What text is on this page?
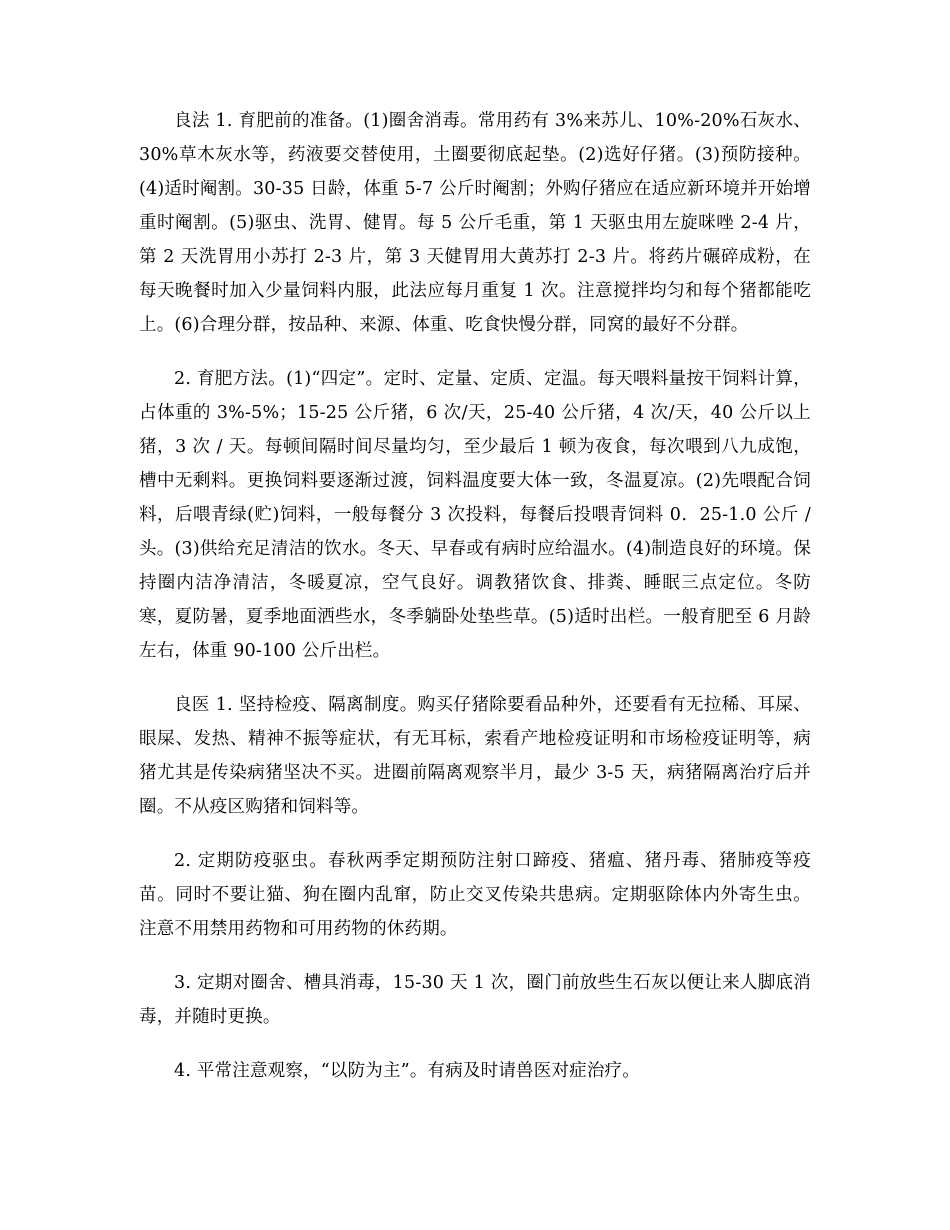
良法 1. 育肥前的准备。(1)圈舍消毒。常用药有 3%来苏儿、10%-20%石灰水、30%草木灰水等，药液要交替使用，土圈要彻底起垫。(2)选好仔猪。(3)预防接种。(4)适时阉割。30-35 日龄，体重 5-7 公斤时阉割；外购仔猪应在适应新环境并开始增重时阉割。(5)驱虫、洗胃、健胃。每 5 公斤毛重，第 1 天驱虫用左旋咪唑 2-4 片，第 2 天洗胃用小苏打 2-3 片，第 3 天健胃用大黄苏打 2-3 片。将药片碾碎成粉，在每天晚餐时加入少量饲料内服，此法应每月重复 1 次。注意搅拌均匀和每个猪都能吃上。(6)合理分群，按品种、来源、体重、吃食快慢分群，同窝的最好不分群。

2. 育肥方法。(1)“四定”。定时、定量、定质、定温。每天喂料量按干饲料计算，占体重的 3%-5%；15-25 公斤猪，6 次/天，25-40 公斤猪，4 次/天，40 公斤以上猪，3 次 / 天。每顿间隔时间尽量均匀，至少最后 1 顿为夜食，每次喂到八九成饱，槽中无剩料。更换饲料要逐渐过渡，饲料温度要大体一致，冬温夏凉。(2)先喂配合饲料，后喂青绿(贮)饲料，一般每餐分 3 次投料，每餐后投喂青饲料 0．25-1.0 公斤 / 头。(3)供给充足清洁的饮水。冬天、早春或有病时应给温水。(4)制造良好的环境。保持圈内洁净清洁，冬暖夏凉，空气良好。调教猪饮食、排粪、睡眠三点定位。冬防寒，夏防暑，夏季地面洒些水，冬季躺卧处垫些草。(5)适时出栏。一般育肥至 6 月龄左右，体重 90-100 公斤出栏。

良医 1. 坚持检疫、隔离制度。购买仔猪除要看品种外，还要看有无拉稀、耳屎、眼屎、发热、精神不振等症状，有无耳标，索看产地检疫证明和市场检疫证明等，病猪尤其是传染病猪坚决不买。进圈前隔离观察半月，最少 3-5 天，病猪隔离治疗后并圈。不从疫区购猪和饲料等。

2. 定期防疫驱虫。春秋两季定期预防注射口蹄疫、猪瘟、猪丹毒、猪肺疫等疫苗。同时不要让猫、狗在圈内乱窜，防止交叉传染共患病。定期驱除体内外寄生虫。注意不用禁用药物和可用药物的休药期。

3. 定期对圈舍、槽具消毒，15-30 天 1 次，圈门前放些生石灰以便让来人脚底消毒，并随时更换。

4. 平常注意观察，“以防为主”。有病及时请兽医对症治疗。
